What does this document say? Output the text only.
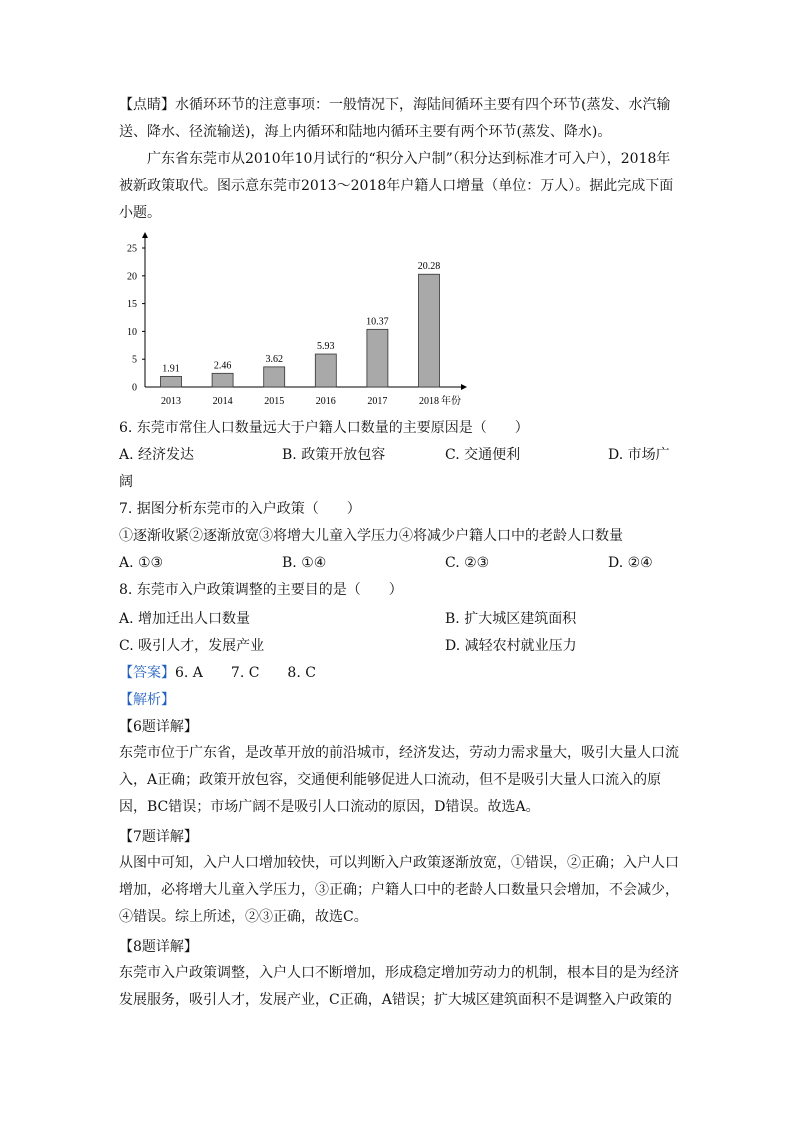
【点睛】水循环环节的注意事项：一般情况下，海陆间循环主要有四个环节(蒸发、水汽输送、降水、径流输送)，海上内循环和陆地内循环主要有两个环节(蒸发、降水)。

广东省东莞市从2010年10月试行的“积分入户制”（积分达到标准才可入户），2018年被新政策取代。图示意东莞市2013～2018年户籍人口增量（单位：万人）。据此完成下面小题。

0
5
10
15
20
25
1.91	2.46
3.62
5.93
10.37
20.28
2013	2014	2015	2016	2017	2018 年份

6. 东莞市常住人口数量远大于户籍人口数量的主要原因是（　　）

A. 经济发达	B. 政策开放包容	C. 交通便利	D. 市场广

阔

7. 据图分析东莞市的入户政策（　　）

①逐渐收紧②逐渐放宽③将增大儿童入学压力④将减少户籍人口中的老龄人口数量

A. ①③	B. ①④	C. ②③	D. ②④

8. 东莞市入户政策调整的主要目的是（　　）

A. 增加迁出人口数量	B. 扩大城区建筑面积

C. 吸引人才，发展产业	D. 减轻农村就业压力

【答案】6. A　　7. C　　8. C

【解析】

【6题详解】

东莞市位于广东省，是改革开放的前沿城市，经济发达，劳动力需求量大，吸引大量人口流入，A正确；政策开放包容，交通便利能够促进人口流动，但不是吸引大量人口流入的原因，BC错误；市场广阔不是吸引人口流动的原因，D错误。故选A。

【7题详解】

从图中可知，入户人口增加较快，可以判断入户政策逐渐放宽，①错误，②正确；入户人口增加，必将增大儿童入学压力，③正确；户籍人口中的老龄人口数量只会增加，不会减少，④错误。综上所述，②③正确，故选C。

【8题详解】

东莞市入户政策调整，入户人口不断增加，形成稳定增加劳动力的机制，根本目的是为经济发展服务，吸引人才，发展产业，C正确，A错误；扩大城区建筑面积不是调整入户政策的
